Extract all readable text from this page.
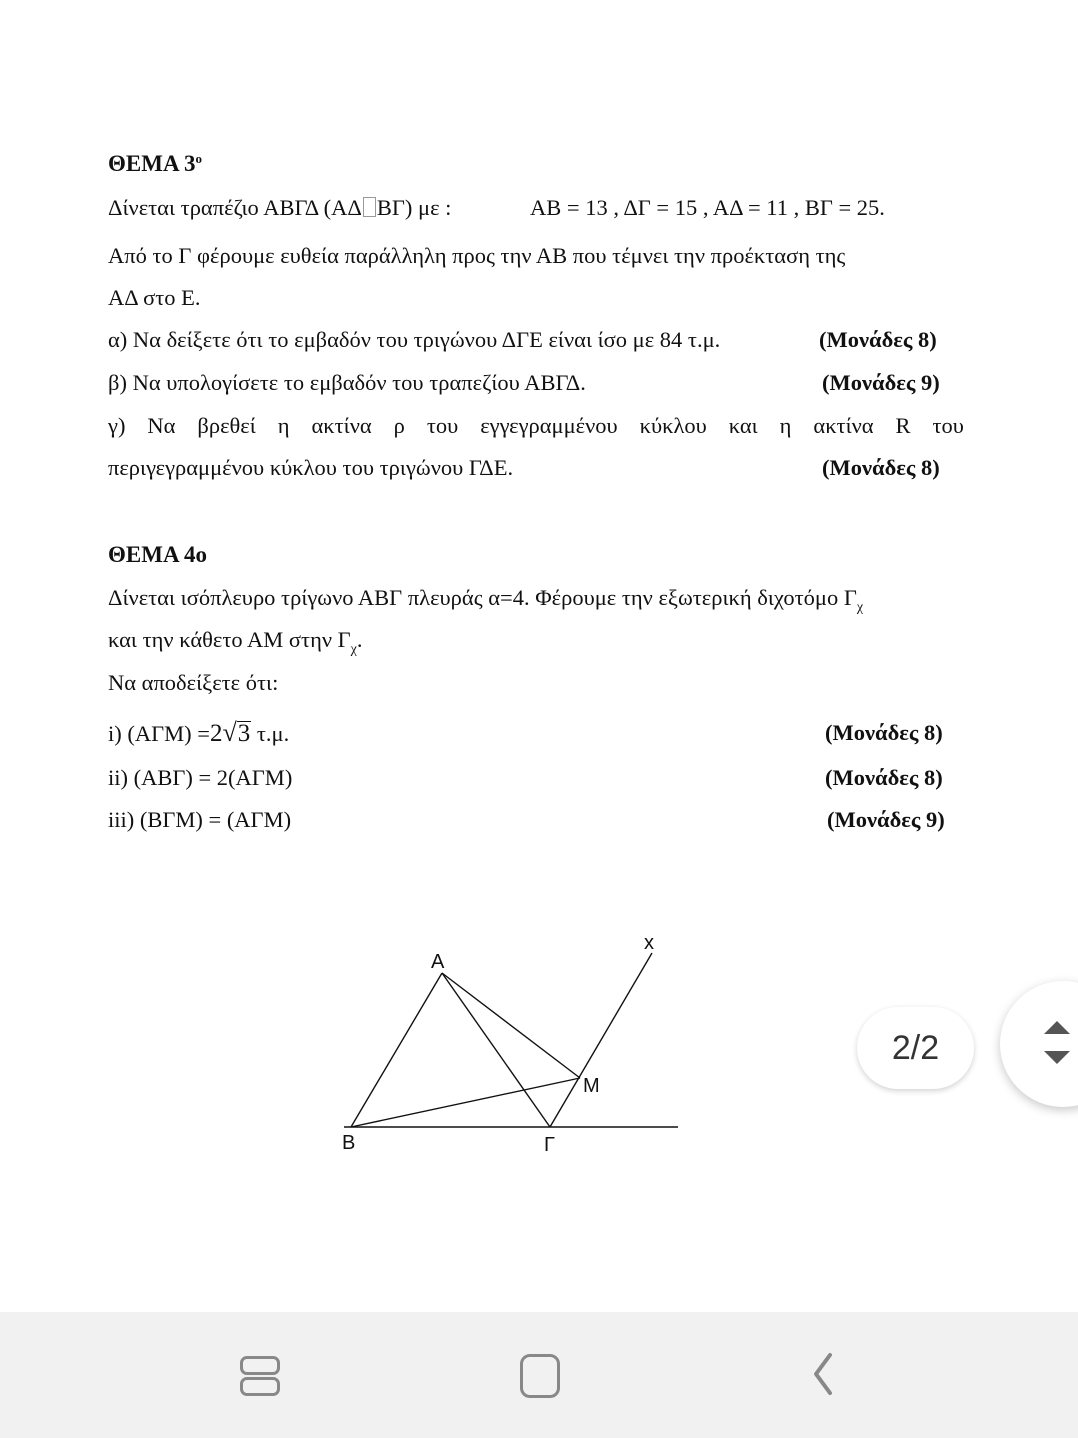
ΘΕΜΑ $3^o$
Δίνεται τραπέζιο ΑΒΓΔ (ΑΔ ΒΓ) με :	ΑΒ = 13 , ΔΓ = 15 , ΑΔ = 11 , ΒΓ = 25.
Από το Γ φέρουμε ευθεία παράλληλη προς την ΑΒ που τέμνει την προέκταση της
ΑΔ στο Ε.
α) Να δείξετε ότι το εμβαδόν του τριγώνου ΔΓΕ είναι ίσο με 84 τ.μ.	(Μονάδες 8)
β) Να υπολογίσετε το εμβαδόν του τραπεζίου ΑΒΓΔ.	(Μονάδες 9)
γ) Να βρεθεί η ακτίνα ρ του εγγεγραμμένου κύκλου και η ακτίνα R του
περιγεγραμμένου κύκλου του τριγώνου ΓΔΕ.	(Μονάδες 8)
ΘΕΜΑ 4ο
Δίνεται ισόπλευρο τρίγωνο ΑΒΓ πλευράς α=4. Φέρουμε την εξωτερική διχοτόμο $\Gamma_\chi$
και την κάθετο ΑΜ στην $\Gamma_\chi$.
Να αποδείξετε ότι:
i) (ΑΓΜ) =2√3 τ.μ.	(Μονάδες 8)
ii) (ΑΒΓ) = 2(ΑΓΜ)	(Μονάδες 8)
iii) (ΒΓΜ) = (ΑΓΜ)	(Μονάδες 9)
A
B	Γ
M
x
2/2
